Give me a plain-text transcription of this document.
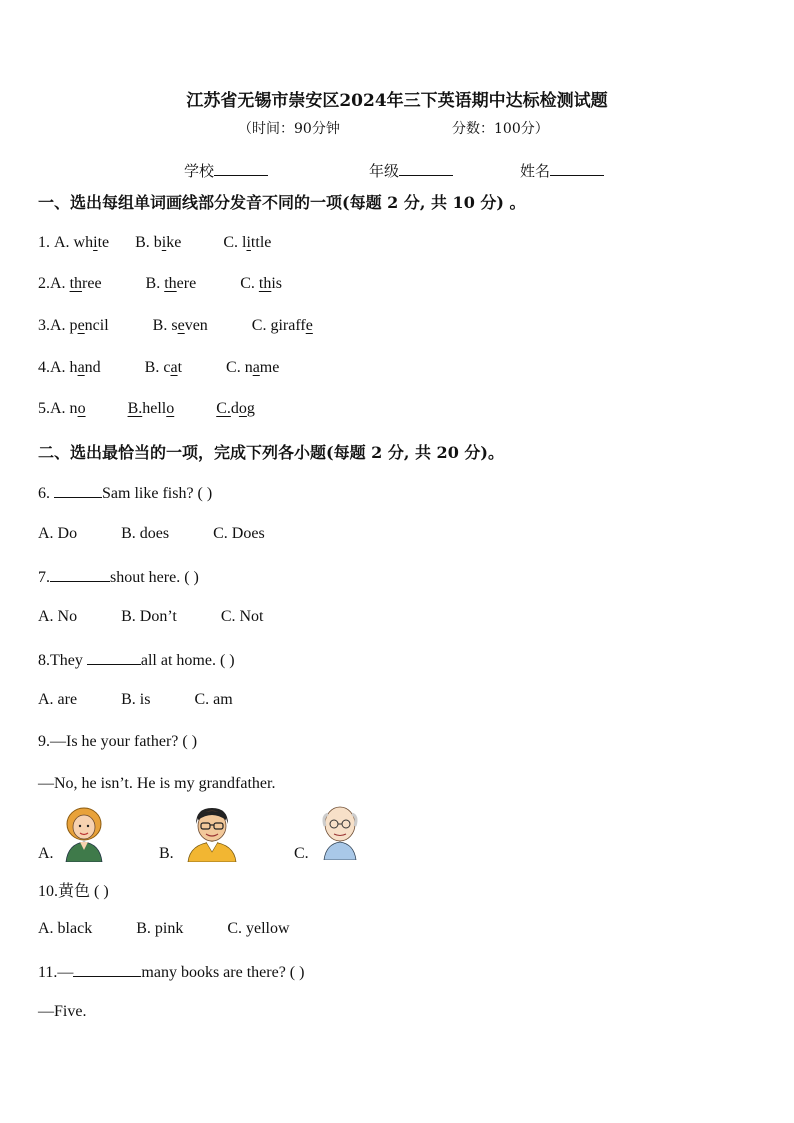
江苏省无锡市崇安区2024年三下英语期中达标检测试题
（时间：90分钟	分数：100分）
学校	年级	姓名
一、选出每组单词画线部分发音不同的一项(每题 2 分, 共 10 分) 。
1. A. white B. bike	C. little
2.A. three	B. there	C. this
3.A. pencil	B. seven	C. giraffe
4.A. hand	B. cat	C. name
5.A. no	B.hello	C.dog
二、选出最恰当的一项，完成下列各小题(每题 2 分, 共 20 分)。
6.	Sam like fish? ( )
A. Do	B. does	C. Does
7.	shout here. ( )
A. No	B. Don’t	C. Not
8.They	all at home. ( )
A. are	B. is	C. am
9.—Is he your father? ( )
—No, he isn’t. He is my grandfather.
A.	B.	C.
10.黄色 ( )
A. black	B. pink	C. yellow
11.—	many books are there? ( )
—Five.
